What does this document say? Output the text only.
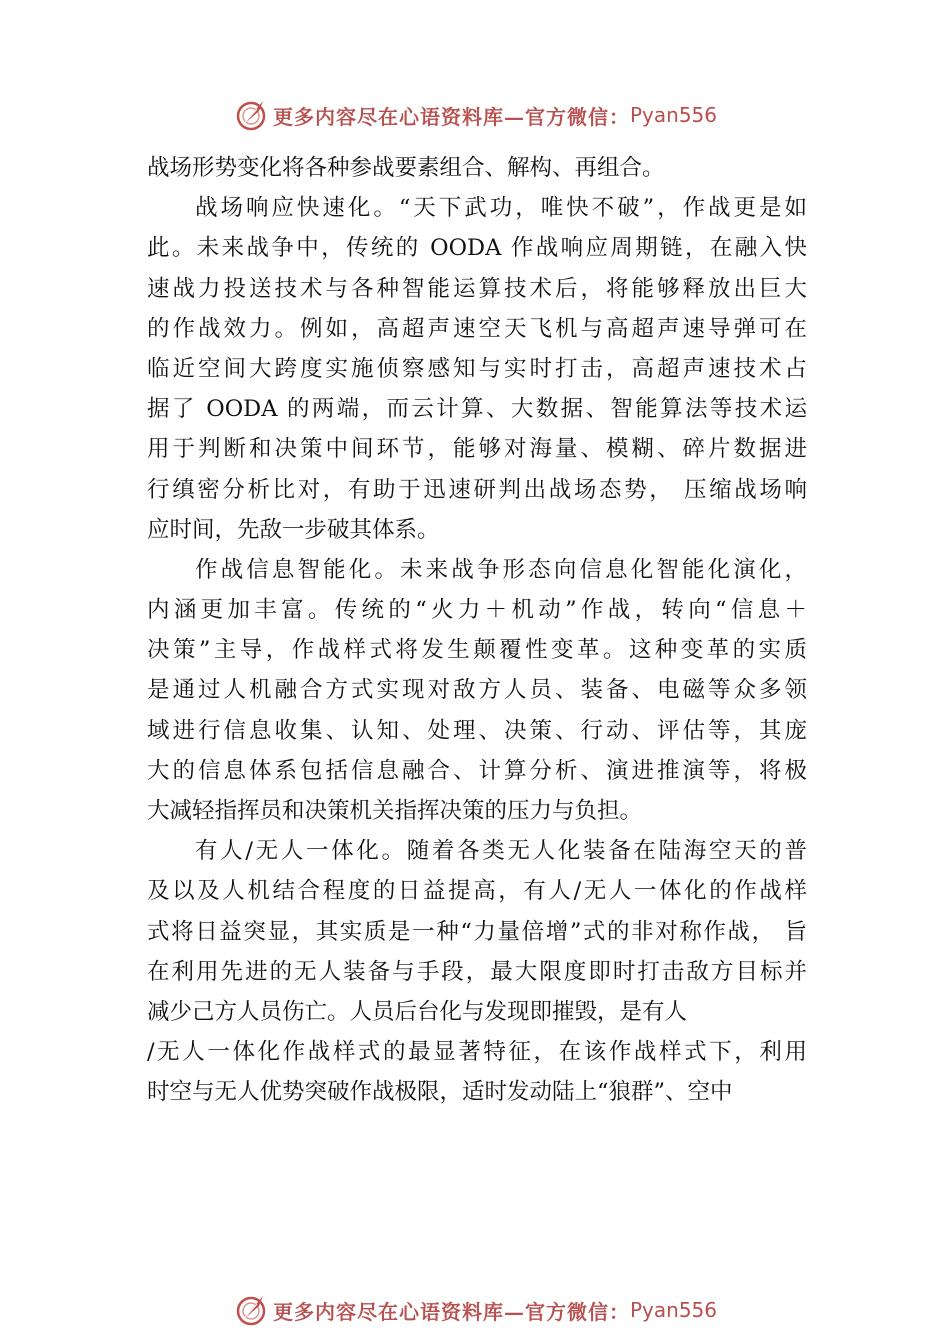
更多内容尽在心语资料库—官方微信： Pyan556
战场形势变化将各种参战要素组合、解构、再组合。
战场响应快速化。“天下武功，唯快不破”，作战更是如
此。未来战争中，传统的 OODA 作战响应周期链，在融入快
速战力投送技术与各种智能运算技术后，将能够释放出巨大
的作战效力。例如，高超声速空天飞机与高超声速导弹可在
临近空间大跨度实施侦察感知与实时打击，高超声速技术占
据了 OODA 的两端，而云计算、大数据、智能算法等技术运
用于判断和决策中间环节，能够对海量、模糊、碎片数据进
行缜密分析比对，有助于迅速研判出战场态势， 压缩战场响
应时间，先敌一步破其体系。
作战信息智能化。未来战争形态向信息化智能化演化，
内涵更加丰富。传统的“火力＋机动”作战，转向“信息＋
决策”主导，作战样式将发生颠覆性变革。这种变革的实质
是通过人机融合方式实现对敌方人员、装备、电磁等众多领
域进行信息收集、认知、处理、决策、行动、评估等，其庞
大的信息体系包括信息融合、计算分析、演进推演等，将极
大减轻指挥员和决策机关指挥决策的压力与负担。
有人/无人一体化。随着各类无人化装备在陆海空天的普
及以及人机结合程度的日益提高，有人/无人一体化的作战样
式将日益突显，其实质是一种“力量倍增”式的非对称作战， 旨
在利用先进的无人装备与手段，最大限度即时打击敌方目标并
减少己方人员伤亡。人员后台化与发现即摧毁，是有人
/无人一体化作战样式的最显著特征，在该作战样式下，利用
时空与无人优势突破作战极限，适时发动陆上“狼群”、空中
更多内容尽在心语资料库—官方微信： Pyan556
